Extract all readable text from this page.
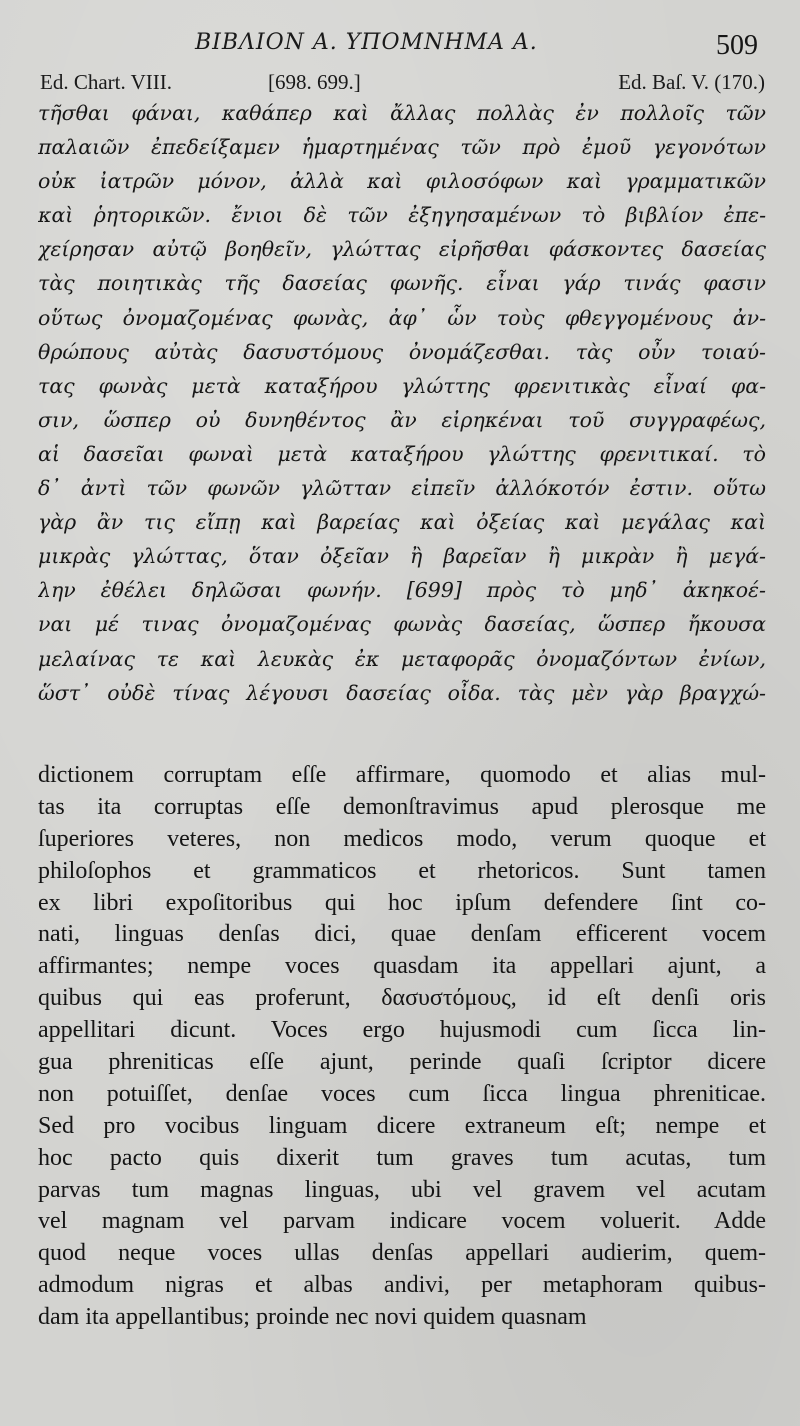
ΒΙΒΛΙΟΝ Α. ΥΠΟΜΝΗΜΑ Α.	509
Ed. Chart. VIII.	[698. 699.]	Ed. Baſ. V. (170.)
τῆσθαι φάναι, καθάπερ καὶ ἄλλας πολλὰς ἐν πολλοῖς τῶν
παλαιῶν ἐπεδείξαμεν ἡμαρτημένας τῶν πρὸ ἐμοῦ γεγονότων
οὐκ ἰατρῶν μόνον, ἀλλὰ καὶ φιλοσόφων καὶ γραμματικῶν
καὶ ῥητορικῶν. ἔνιοι δὲ τῶν ἐξηγησαμένων τὸ βιβλίον ἐπε-
χείρησαν αὐτῷ βοηθεῖν, γλώττας εἰρῆσθαι φάσκοντες δασείας
τὰς ποιητικὰς τῆς δασείας φωνῆς. εἶναι γάρ τινάς φασιν
οὕτως ὀνομαζομένας φωνὰς, ἀφ᾽ ὧν τοὺς φθεγγομένους ἀν-
θρώπους αὐτὰς δασυστόμους ὀνομάζεσθαι. τὰς οὖν τοιαύ-
τας φωνὰς μετὰ καταξήρου γλώττης φρενιτικὰς εἶναί φα-
σιν, ὥσπερ οὐ δυνηθέντος ἂν εἰρηκέναι τοῦ συγγραφέως,
αἱ δασεῖαι φωναὶ μετὰ καταξήρου γλώττης φρενιτικαί. τὸ
δ᾽ ἀντὶ τῶν φωνῶν γλῶτταν εἰπεῖν ἀλλόκοτόν ἐστιν. οὕτω
γὰρ ἂν τις εἴπῃ καὶ βαρείας καὶ ὀξείας καὶ μεγάλας καὶ
μικρὰς γλώττας, ὅταν ὀξεῖαν ἢ βαρεῖαν ἢ μικρὰν ἢ μεγά-
λην ἐθέλει δηλῶσαι φωνήν. [699] πρὸς τὸ μηδ᾽ ἀκηκοέ-
ναι μέ τινας ὀνομαζομένας φωνὰς δασείας, ὥσπερ ἤκουσα
μελαίνας τε καὶ λευκὰς ἐκ μεταφορᾶς ὀνομαζόντων ἐνίων,
ὥστ᾽ οὐδὲ τίνας λέγουσι δασείας οἶδα. τὰς μὲν γὰρ βραγχώ-
dictionem corruptam eſſe affirmare, quomodo et alias mul-
tas ita corruptas eſſe demonſtravimus apud plerosque me
ſuperiores veteres, non medicos modo, verum quoque et
philoſophos et grammaticos et rhetoricos. Sunt tamen
ex libri expoſitoribus qui hoc ipſum defendere ſint co-
nati, linguas denſas dici, quae denſam efficerent vocem
affirmantes; nempe voces quasdam ita appellari ajunt, a
quibus qui eas proferunt, δασυστόμους, id eſt denſi oris
appellitari dicunt. Voces ergo hujusmodi cum ſicca lin-
gua phreniticas eſſe ajunt, perinde quaſi ſcriptor dicere
non potuiſſet, denſae voces cum ſicca lingua phreniticae.
Sed pro vocibus linguam dicere extraneum eſt; nempe et
hoc pacto quis dixerit tum graves tum acutas, tum
parvas tum magnas linguas, ubi vel gravem vel acutam
vel magnam vel parvam indicare vocem voluerit. Adde
quod neque voces ullas denſas appellari audierim, quem-
admodum nigras et albas andivi, per metaphoram quibus-
dam ita appellantibus; proinde nec novi quidem quasnam
